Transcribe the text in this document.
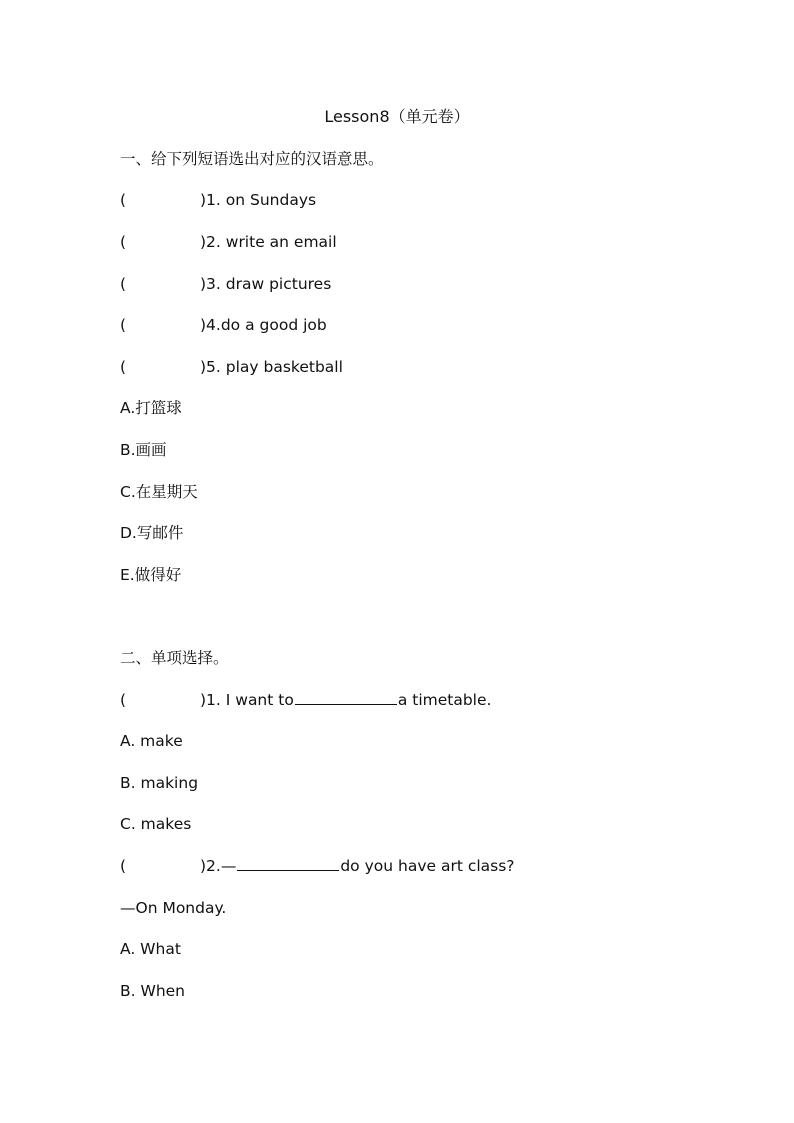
Lesson8（单元卷）
一、给下列短语选出对应的汉语意思。
(	)1. on Sundays
(	)2. write an email
(	)3. draw pictures
(	)4.do a good job
(	)5. play basketball
A.打篮球
B.画画
C.在星期天
D.写邮件
E.做得好
二、单项选择。
(	)1. I want to	a timetable.
A. make
B. making
C. makes
(	)2.—	do you have art class?
—On Monday.
A. What
B. When
